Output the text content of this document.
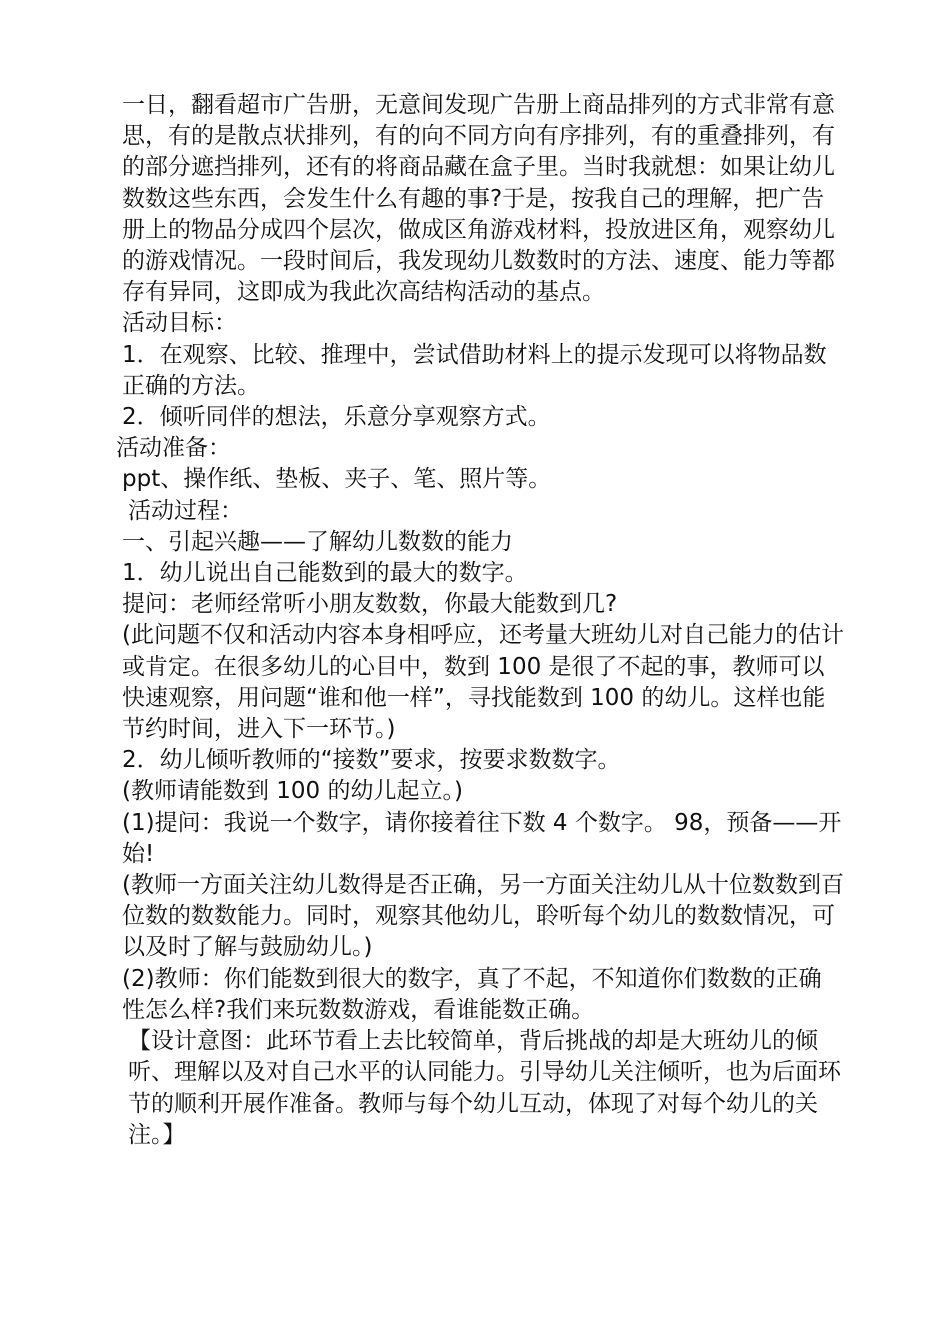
一日，翻看超市广告册，无意间发现广告册上商品排列的方式非常有意思，有的是散点状排列，有的向不同方向有序排列，有的重叠排列，有的部分遮挡排列，还有的将商品藏在盒子里。当时我就想：如果让幼儿数数这些东西，会发生什么有趣的事?于是，按我自己的理解，把广告册上的物品分成四个层次，做成区角游戏材料，投放进区角，观察幼儿的游戏情况。一段时间后，我发现幼儿数数时的方法、速度、能力等都存有异同，这即成为我此次高结构活动的基点。

活动目标：

1．在观察、比较、推理中，尝试借助材料上的提示发现可以将物品数正确的方法。

2．倾听同伴的想法，乐意分享观察方式。

活动准备：

ppt、操作纸、垫板、夹子、笔、照片等。

活动过程：

一、引起兴趣——了解幼儿数数的能力

1．幼儿说出自己能数到的最大的数字。

提问：老师经常听小朋友数数，你最大能数到几?

(此问题不仅和活动内容本身相呼应，还考量大班幼儿对自己能力的估计或肯定。在很多幼儿的心目中，数到 100 是很了不起的事，教师可以快速观察，用问题“谁和他一样”，寻找能数到 100 的幼儿。这样也能节约时间，进入下一环节。)

2．幼儿倾听教师的“接数”要求，按要求数数字。

(教师请能数到 100 的幼儿起立。)

(1)提问：我说一个数字，请你接着往下数 4 个数字。 98，预备——开始!

(教师一方面关注幼儿数得是否正确，另一方面关注幼儿从十位数数到百位数的数数能力。同时，观察其他幼儿，聆听每个幼儿的数数情况，可以及时了解与鼓励幼儿。)

(2)教师：你们能数到很大的数字，真了不起，不知道你们数数的正确性怎么样?我们来玩数数游戏，看谁能数正确。

【设计意图：此环节看上去比较简单，背后挑战的却是大班幼儿的倾听、理解以及对自己水平的认同能力。引导幼儿关注倾听，也为后面环节的顺利开展作准备。教师与每个幼儿互动，体现了对每个幼儿的关注。】
